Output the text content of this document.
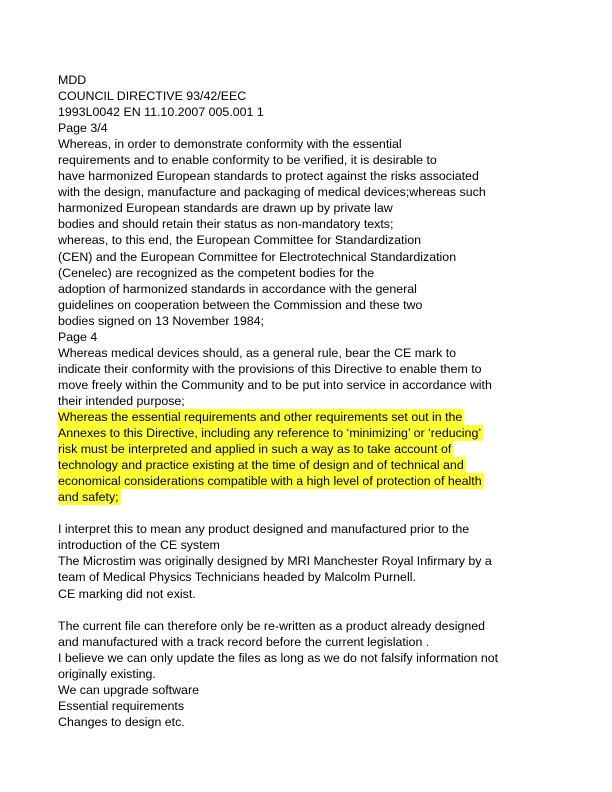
MDD
COUNCIL DIRECTIVE 93/42/EEC
1993L0042 EN 11.10.2007 005.001 1
Page 3/4
Whereas, in order to demonstrate conformity with the essential
requirements and to enable conformity to be verified, it is desirable to
have harmonized European standards to protect against the risks associated
with the design, manufacture and packaging of medical devices;whereas such
harmonized European standards are drawn up by private law
bodies and should retain their status as non-mandatory texts;
whereas, to this end, the European Committee for Standardization
(CEN) and the European Committee for Electrotechnical Standardization
(Cenelec) are recognized as the competent bodies for the
adoption of harmonized standards in accordance with the general
guidelines on cooperation between the Commission and these two
bodies signed on 13 November 1984;
Page 4
Whereas medical devices should, as a general rule, bear the CE mark to
indicate their conformity with the provisions of this Directive to enable them to
move freely within the Community and to be put into service in accordance with
their intended purpose;
Whereas the essential requirements and other requirements set out in the
Annexes to this Directive, including any reference to ‘minimizing’ or ‘reducing’
risk must be interpreted and applied in such a way as to take account of
technology and practice existing at the time of design and of technical and
economical considerations compatible with a high level of protection of health
and safety;
I interpret this to mean any product designed and manufactured prior to the
introduction of the CE system
The Microstim was originally designed by MRI Manchester Royal Infirmary by a
team of Medical Physics Technicians headed by Malcolm Purnell.
CE marking did not exist.
The current file can therefore only be re-written as a product already designed
and manufactured with a track record before the current legislation .
I believe we can only update the files as long as we do not falsify information not
originally existing.
We can upgrade software
Essential requirements
Changes to design etc.
